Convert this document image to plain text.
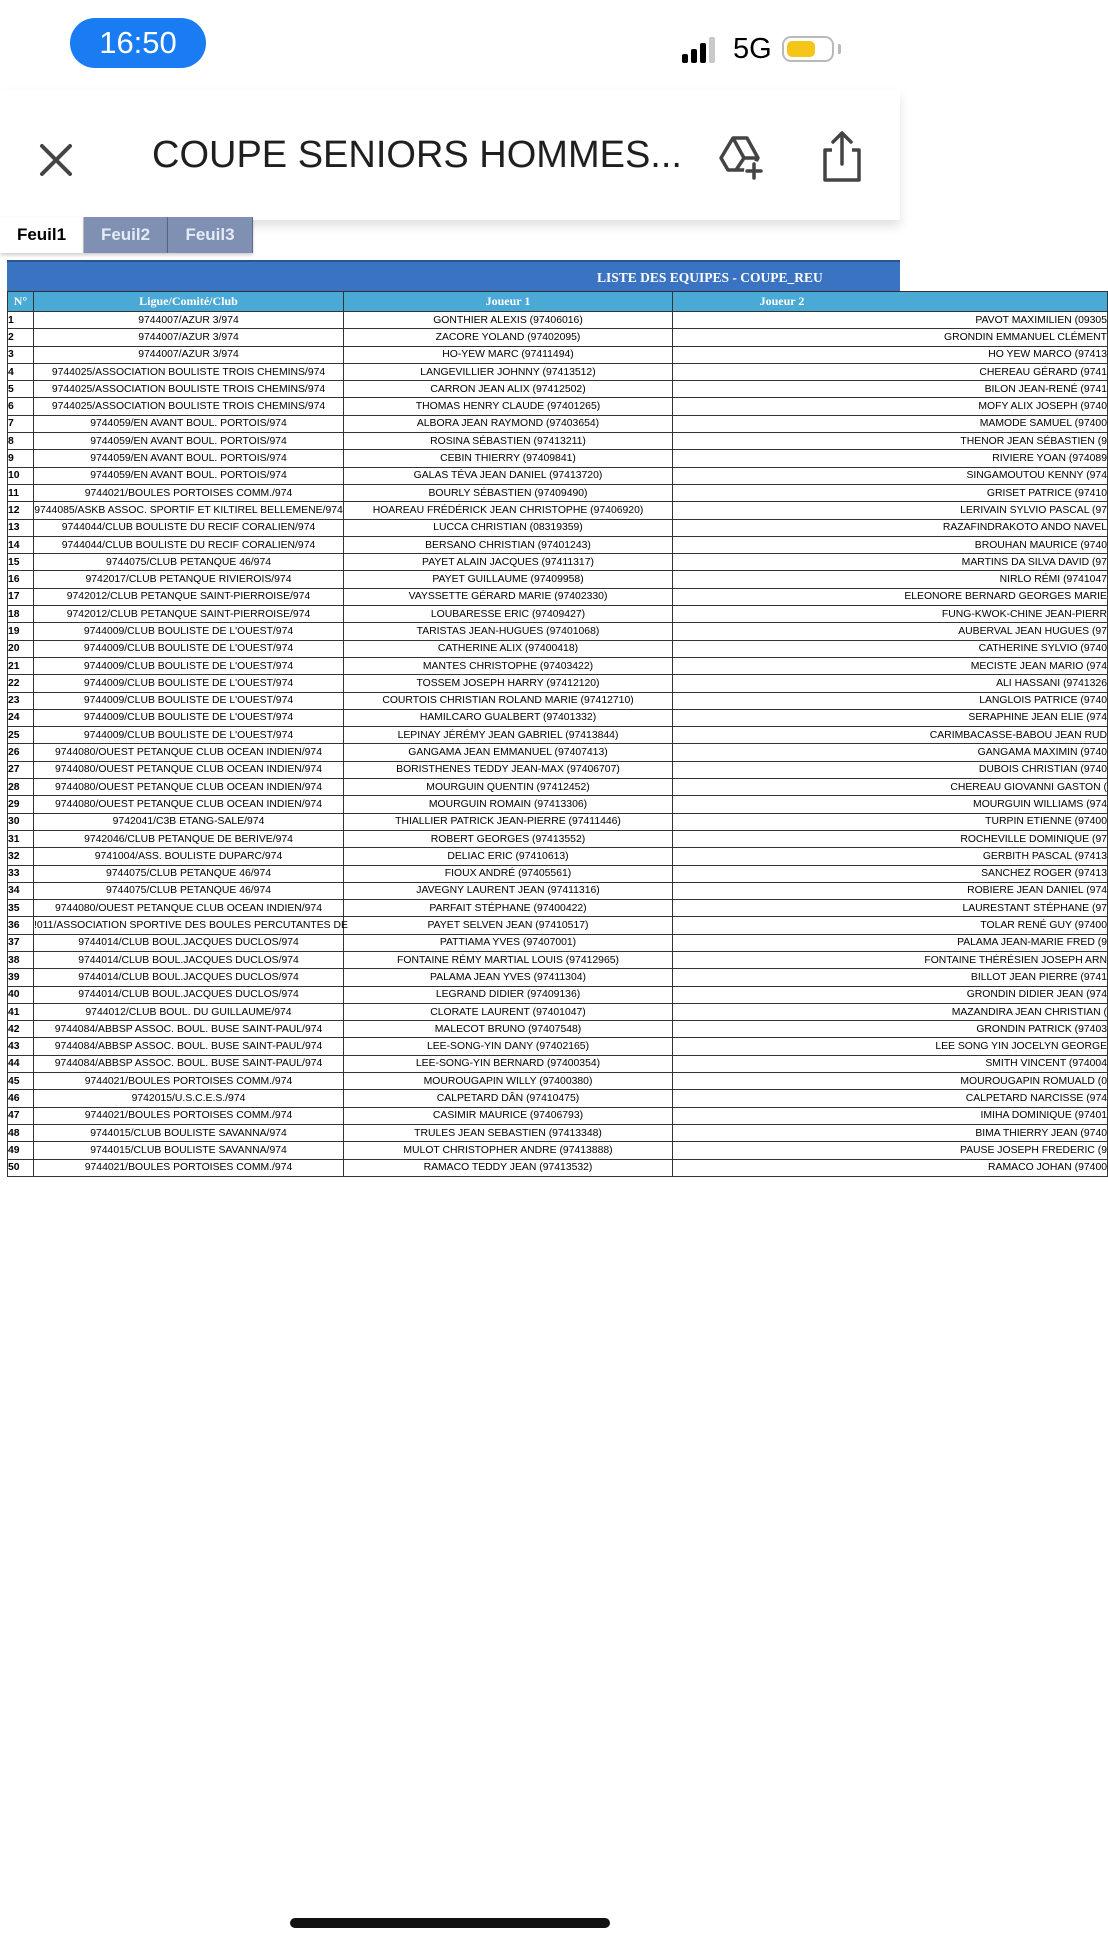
16:50	5G
COUPE SENIORS HOMMES...
Feuil1	Feuil2	Feuil3
LISTE DES EQUIPES - COUPE_REU
N°	Ligue/Comité/Club	Joueur 1	Joueur 2
1	9744007/AZUR 3/974	GONTHIER ALEXIS (97406016)	PAVOT MAXIMILIEN (09305
2	9744007/AZUR 3/974	ZACORE YOLAND (97402095)	GRONDIN EMMANUEL CLÉMENT
3	9744007/AZUR 3/974	HO-YEW MARC (97411494)	HO YEW MARCO (97413
4	9744025/ASSOCIATION BOULISTE TROIS CHEMINS/974	LANGEVILLIER JOHNNY (97413512)	CHEREAU GÉRARD (9741
5	9744025/ASSOCIATION BOULISTE TROIS CHEMINS/974	CARRON JEAN ALIX (97412502)	BILON JEAN-RENÉ (9741
6	9744025/ASSOCIATION BOULISTE TROIS CHEMINS/974	THOMAS HENRY CLAUDE (97401265)	MOFY ALIX JOSEPH (9740
7	9744059/EN AVANT BOUL. PORTOIS/974	ALBORA JEAN RAYMOND (97403654)	MAMODE SAMUEL (97400
8	9744059/EN AVANT BOUL. PORTOIS/974	ROSINA SÉBASTIEN (97413211)	THENOR JEAN SÉBASTIEN (9
9	9744059/EN AVANT BOUL. PORTOIS/974	CEBIN THIERRY (97409841)	RIVIERE YOAN (974089
10	9744059/EN AVANT BOUL. PORTOIS/974	GALAS TÉVA JEAN DANIEL (97413720)	SINGAMOUTOU KENNY (974
11	9744021/BOULES PORTOISES COMM./974	BOURLY SÉBASTIEN (97409490)	GRISET PATRICE (97410
12	9744085/ASKB ASSOC. SPORTIF ET KILTIREL BELLEMENE/974	HOAREAU FRÉDÉRICK JEAN CHRISTOPHE (97406920)	LERIVAIN SYLVIO PASCAL (97
13	9744044/CLUB BOULISTE DU RECIF CORALIEN/974	LUCCA CHRISTIAN (08319359)	RAZAFINDRAKOTO ANDO NAVEL
14	9744044/CLUB BOULISTE DU RECIF CORALIEN/974	BERSANO CHRISTIAN (97401243)	BROUHAN MAURICE (9740
15	9744075/CLUB PETANQUE 46/974	PAYET ALAIN JACQUES (97411317)	MARTINS DA SILVA DAVID (97
16	9742017/CLUB PETANQUE RIVIEROIS/974	PAYET GUILLAUME (97409958)	NIRLO RÉMI (9741047
17	9742012/CLUB PETANQUE SAINT-PIERROISE/974	VAYSSETTE GÉRARD MARIE (97402330)	ELEONORE BERNARD GEORGES MARIE
18	9742012/CLUB PETANQUE SAINT-PIERROISE/974	LOUBARESSE ERIC (97409427)	FUNG-KWOK-CHINE JEAN-PIERR
19	9744009/CLUB BOULISTE DE L'OUEST/974	TARISTAS JEAN-HUGUES (97401068)	AUBERVAL JEAN HUGUES (97
20	9744009/CLUB BOULISTE DE L'OUEST/974	CATHERINE ALIX (97400418)	CATHERINE SYLVIO (9740
21	9744009/CLUB BOULISTE DE L'OUEST/974	MANTES CHRISTOPHE (97403422)	MECISTE JEAN MARIO (974
22	9744009/CLUB BOULISTE DE L'OUEST/974	TOSSEM JOSEPH HARRY (97412120)	ALI HASSANI (9741326
23	9744009/CLUB BOULISTE DE L'OUEST/974	COURTOIS CHRISTIAN ROLAND MARIE (97412710)	LANGLOIS PATRICE (9740
24	9744009/CLUB BOULISTE DE L'OUEST/974	HAMILCARO GUALBERT (97401332)	SERAPHINE JEAN ELIE (974
25	9744009/CLUB BOULISTE DE L'OUEST/974	LEPINAY JÉRÉMY JEAN GABRIEL (97413844)	CARIMBACASSE-BABOU JEAN RUD
26	9744080/OUEST PETANQUE CLUB OCEAN INDIEN/974	GANGAMA JEAN EMMANUEL (97407413)	GANGAMA MAXIMIN (9740
27	9744080/OUEST PETANQUE CLUB OCEAN INDIEN/974	BORISTHENES TEDDY JEAN-MAX (97406707)	DUBOIS CHRISTIAN (9740
28	9744080/OUEST PETANQUE CLUB OCEAN INDIEN/974	MOURGUIN QUENTIN (97412452)	CHEREAU GIOVANNI GASTON (
29	9744080/OUEST PETANQUE CLUB OCEAN INDIEN/974	MOURGUIN ROMAIN (97413306)	MOURGUIN WILLIAMS (974
30	9742041/C3B ETANG-SALE/974	THIALLIER PATRICK JEAN-PIERRE (97411446)	TURPIN ETIENNE (97400
31	9742046/CLUB PETANQUE DE BERIVE/974	ROBERT GEORGES (97413552)	ROCHEVILLE DOMINIQUE (97
32	9741004/ASS. BOULISTE DUPARC/974	DELIAC ERIC (97410613)	GERBITH PASCAL (97413
33	9744075/CLUB PETANQUE 46/974	FIOUX ANDRÉ (97405561)	SANCHEZ ROGER (97413
34	9744075/CLUB PETANQUE 46/974	JAVEGNY LAURENT JEAN (97411316)	ROBIERE JEAN DANIEL (974
35	9744080/OUEST PETANQUE CLUB OCEAN INDIEN/974	PARFAIT STÉPHANE (97400422)	LAURESTANT STÉPHANE (97
36	!011/ASSOCIATION SPORTIVE DES BOULES PERCUTANTES DE	PAYET SELVEN JEAN (97410517)	TOLAR RENÉ GUY (97400
37	9744014/CLUB BOUL.JACQUES DUCLOS/974	PATTIAMA YVES (97407001)	PALAMA JEAN-MARIE FRED (9
38	9744014/CLUB BOUL.JACQUES DUCLOS/974	FONTAINE RÉMY MARTIAL LOUIS (97412965)	FONTAINE THÉRÉSIEN JOSEPH ARN
39	9744014/CLUB BOUL.JACQUES DUCLOS/974	PALAMA JEAN YVES (97411304)	BILLOT JEAN PIERRE (9741
40	9744014/CLUB BOUL.JACQUES DUCLOS/974	LEGRAND DIDIER (97409136)	GRONDIN DIDIER JEAN (974
41	9744012/CLUB BOUL. DU GUILLAUME/974	CLORATE LAURENT (97401047)	MAZANDIRA JEAN CHRISTIAN (
42	9744084/ABBSP ASSOC. BOUL. BUSE SAINT-PAUL/974	MALECOT BRUNO (97407548)	GRONDIN PATRICK (97403
43	9744084/ABBSP ASSOC. BOUL. BUSE SAINT-PAUL/974	LEE-SONG-YIN DANY (97402165)	LEE SONG YIN JOCELYN GEORGE
44	9744084/ABBSP ASSOC. BOUL. BUSE SAINT-PAUL/974	LEE-SONG-YIN BERNARD (97400354)	SMITH VINCENT (974004
45	9744021/BOULES PORTOISES COMM./974	MOUROUGAPIN WILLY (97400380)	MOUROUGAPIN ROMUALD (0
46	9742015/U.S.C.E.S./974	CALPETARD DÂN (97410475)	CALPETARD NARCISSE (974
47	9744021/BOULES PORTOISES COMM./974	CASIMIR MAURICE (97406793)	IMIHA DOMINIQUE (97401
48	9744015/CLUB BOULISTE SAVANNA/974	TRULES JEAN SEBASTIEN (97413348)	BIMA THIERRY JEAN (9740
49	9744015/CLUB BOULISTE SAVANNA/974	MULOT CHRISTOPHER ANDRE (97413888)	PAUSE JOSEPH FREDERIC (9
50	9744021/BOULES PORTOISES COMM./974	RAMACO TEDDY JEAN (97413532)	RAMACO JOHAN (97400
